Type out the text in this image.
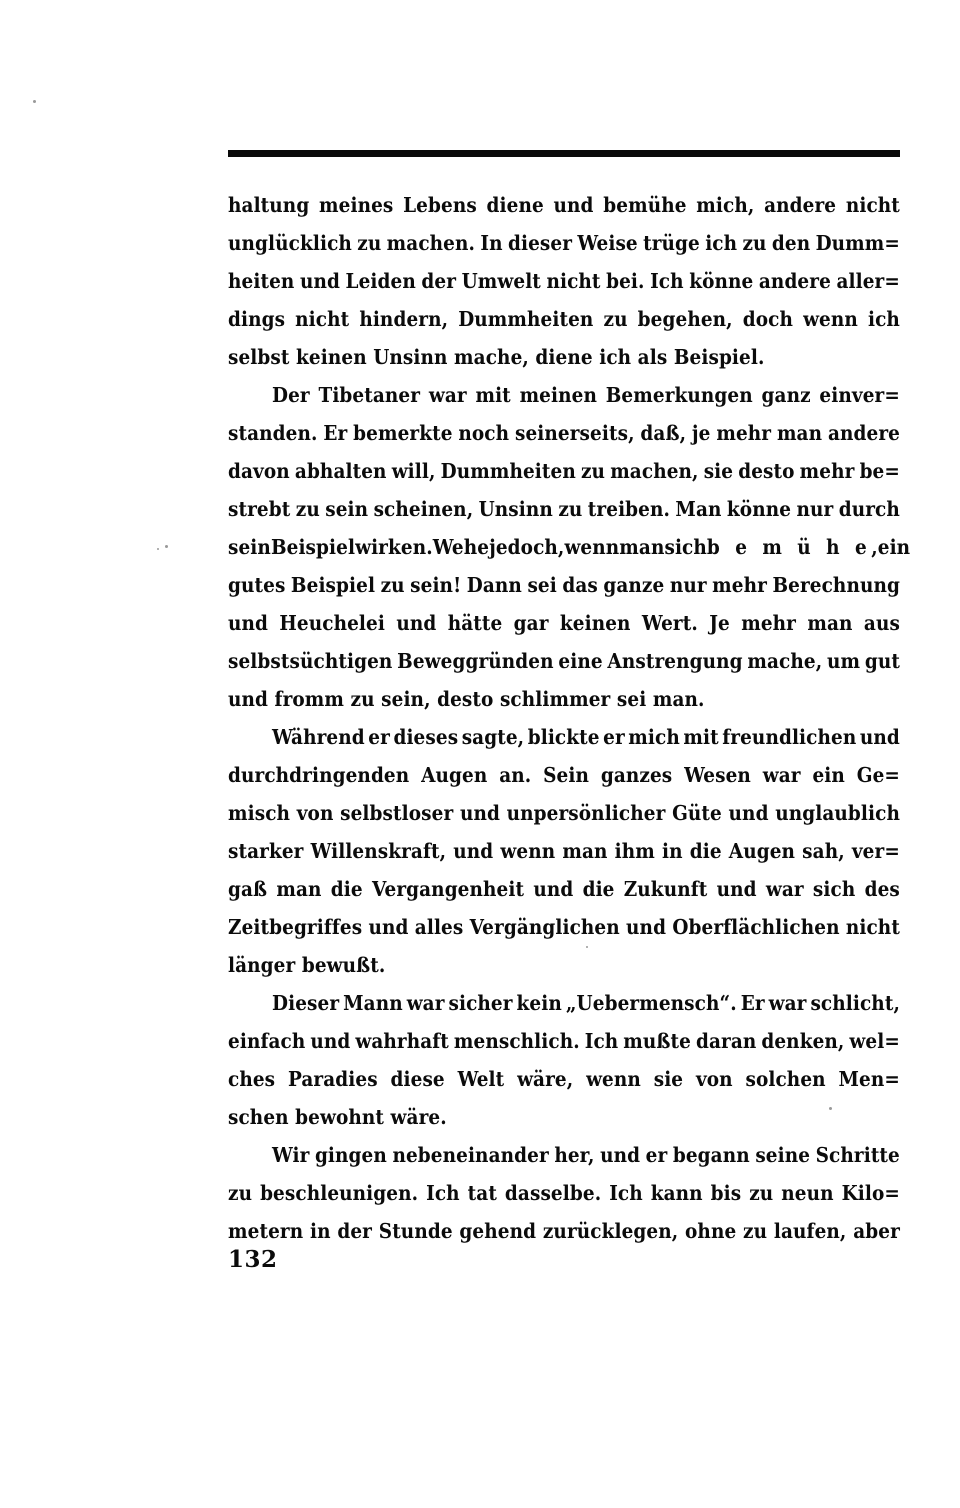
haltung meines Lebens diene und bemühe mich, andere nicht
unglücklich zu machen. In dieser Weise trüge ich zu den Dumm=
heiten und Leiden der Umwelt nicht bei. Ich könne andere aller=
dings nicht hindern, Dummheiten zu begehen, doch wenn ich
selbst keinen Unsinn mache, diene ich als Beispiel.
Der Tibetaner war mit meinen Bemerkungen ganz einver=
standen. Er bemerkte noch seinerseits, daß, je mehr man andere
davon abhalten will, Dummheiten zu machen, sie desto mehr be=
strebt zu sein scheinen, Unsinn zu treiben. Man könne nur durch
sein Beispiel wirken. Wehe jedoch, wenn man sich b e m ü h e , ein
gutes Beispiel zu sein! Dann sei das ganze nur mehr Berechnung
und Heuchelei und hätte gar keinen Wert. Je mehr man aus
selbstsüchtigen Beweggründen eine Anstrengung mache, um gut
und fromm zu sein, desto schlimmer sei man.
Während er dieses sagte, blickte er mich mit freundlichen und
durchdringenden Augen an. Sein ganzes Wesen war ein Ge=
misch von selbstloser und unpersönlicher Güte und unglaublich
starker Willenskraft, und wenn man ihm in die Augen sah, ver=
gaß man die Vergangenheit und die Zukunft und war sich des
Zeitbegriffes und alles Vergänglichen und Oberflächlichen nicht
länger bewußt.
Dieser Mann war sicher kein „Uebermensch“. Er war schlicht,
einfach und wahrhaft menschlich. Ich mußte daran denken, wel=
ches Paradies diese Welt wäre, wenn sie von solchen Men=
schen bewohnt wäre.
Wir gingen nebeneinander her, und er begann seine Schritte
zu beschleunigen. Ich tat dasselbe. Ich kann bis zu neun Kilo=
metern in der Stunde gehend zurücklegen, ohne zu laufen, aber
132
